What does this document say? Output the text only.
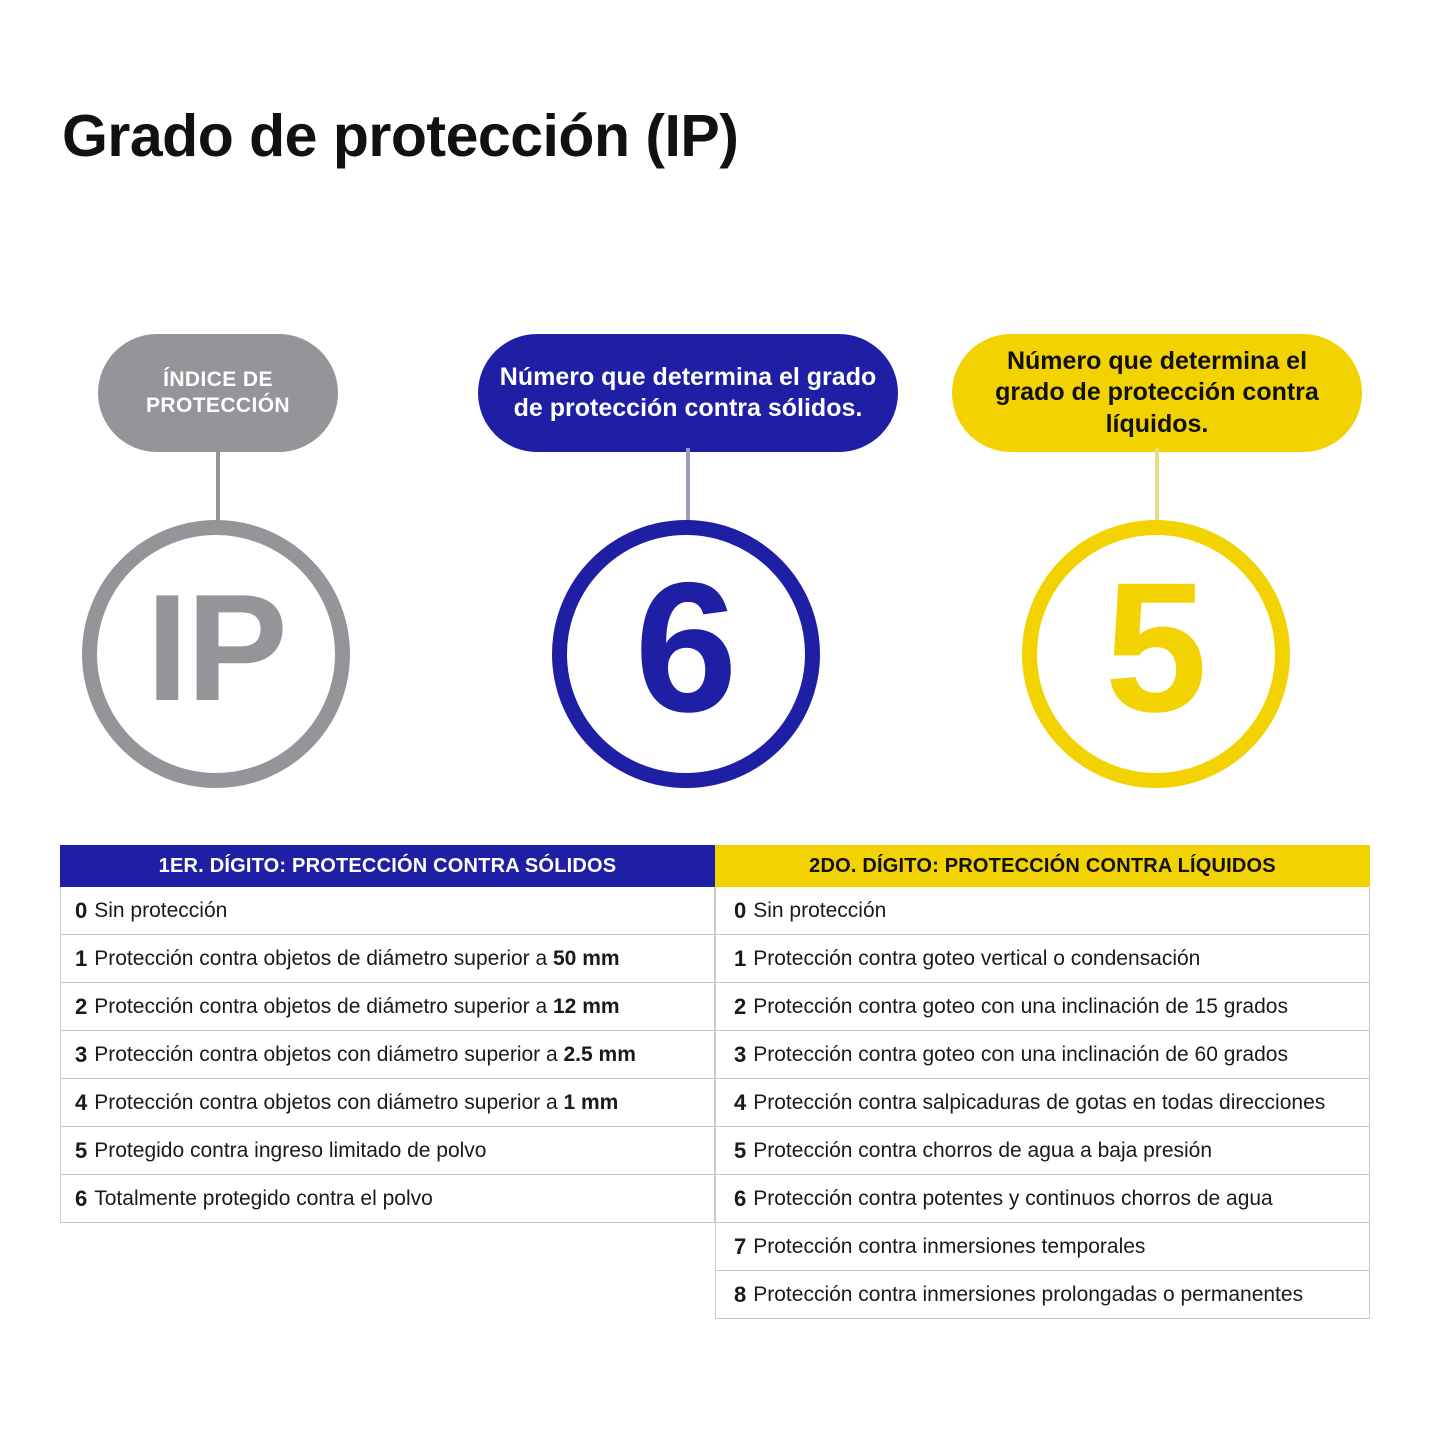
Grado de protección (IP)
ÍNDICE DE PROTECCIÓN
IP
Número que determina el grado de protección contra sólidos.
6
Número que determina el grado de protección contra líquidos.
5
1ER. DÍGITO: PROTECCIÓN CONTRA SÓLIDOS
0 Sin protección
1 Protección contra objetos de diámetro superior a 50 mm
2 Protección contra objetos de diámetro superior a 12 mm
3 Protección contra objetos con diámetro superior a 2.5 mm
4 Protección contra objetos con diámetro superior a 1 mm
5 Protegido contra ingreso limitado de polvo
6 Totalmente protegido contra el polvo
2DO. DÍGITO: PROTECCIÓN CONTRA LÍQUIDOS
0 Sin protección
1 Protección contra goteo vertical o condensación
2 Protección contra goteo con una inclinación de 15 grados
3 Protección contra goteo con una inclinación de 60 grados
4 Protección contra salpicaduras de gotas en todas direcciones
5 Protección contra chorros de agua a baja presión
6 Protección contra potentes y continuos chorros de agua
7 Protección contra inmersiones temporales
8 Protección contra inmersiones prolongadas o permanentes
